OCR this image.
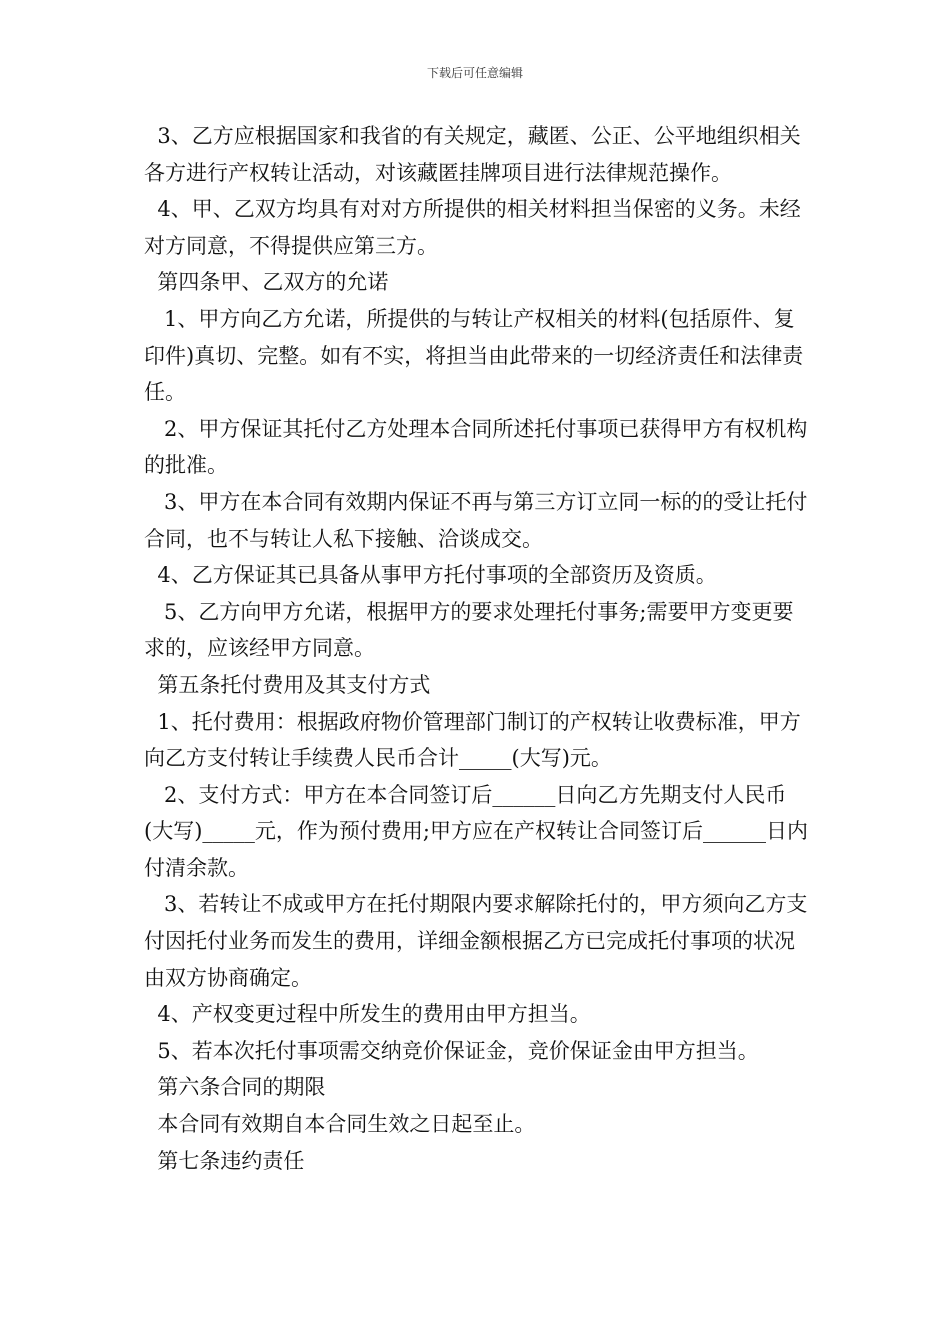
下载后可任意编辑

3、乙方应根据国家和我省的有关规定，藏匿、公正、公平地组织相关各方进行产权转让活动，对该藏匿挂牌项目进行法律规范操作。

4、甲、乙双方均具有对对方所提供的相关材料担当保密的义务。未经对方同意，不得提供应第三方。

第四条甲、乙双方的允诺

1、甲方向乙方允诺，所提供的与转让产权相关的材料(包括原件、复印件)真切、完整。如有不实，将担当由此带来的一切经济责任和法律责任。

2、甲方保证其托付乙方处理本合同所述托付事项已获得甲方有权机构的批准。

3、甲方在本合同有效期内保证不再与第三方订立同一标的的受让托付合同，也不与转让人私下接触、洽谈成交。

4、乙方保证其已具备从事甲方托付事项的全部资历及资质。

5、乙方向甲方允诺，根据甲方的要求处理托付事务;需要甲方变更要求的，应该经甲方同意。

第五条托付费用及其支付方式

1、托付费用：根据政府物价管理部门制订的产权转让收费标准，甲方向乙方支付转让手续费人民币合计_____(大写)元。

2、支付方式：甲方在本合同签订后______日向乙方先期支付人民币(大写)_____元，作为预付费用;甲方应在产权转让合同签订后______日内付清余款。

3、若转让不成或甲方在托付期限内要求解除托付的，甲方须向乙方支付因托付业务而发生的费用，详细金额根据乙方已完成托付事项的状况由双方协商确定。

4、产权变更过程中所发生的费用由甲方担当。

5、若本次托付事项需交纳竞价保证金，竞价保证金由甲方担当。

第六条合同的期限

本合同有效期自本合同生效之日起至止。

第七条违约责任
